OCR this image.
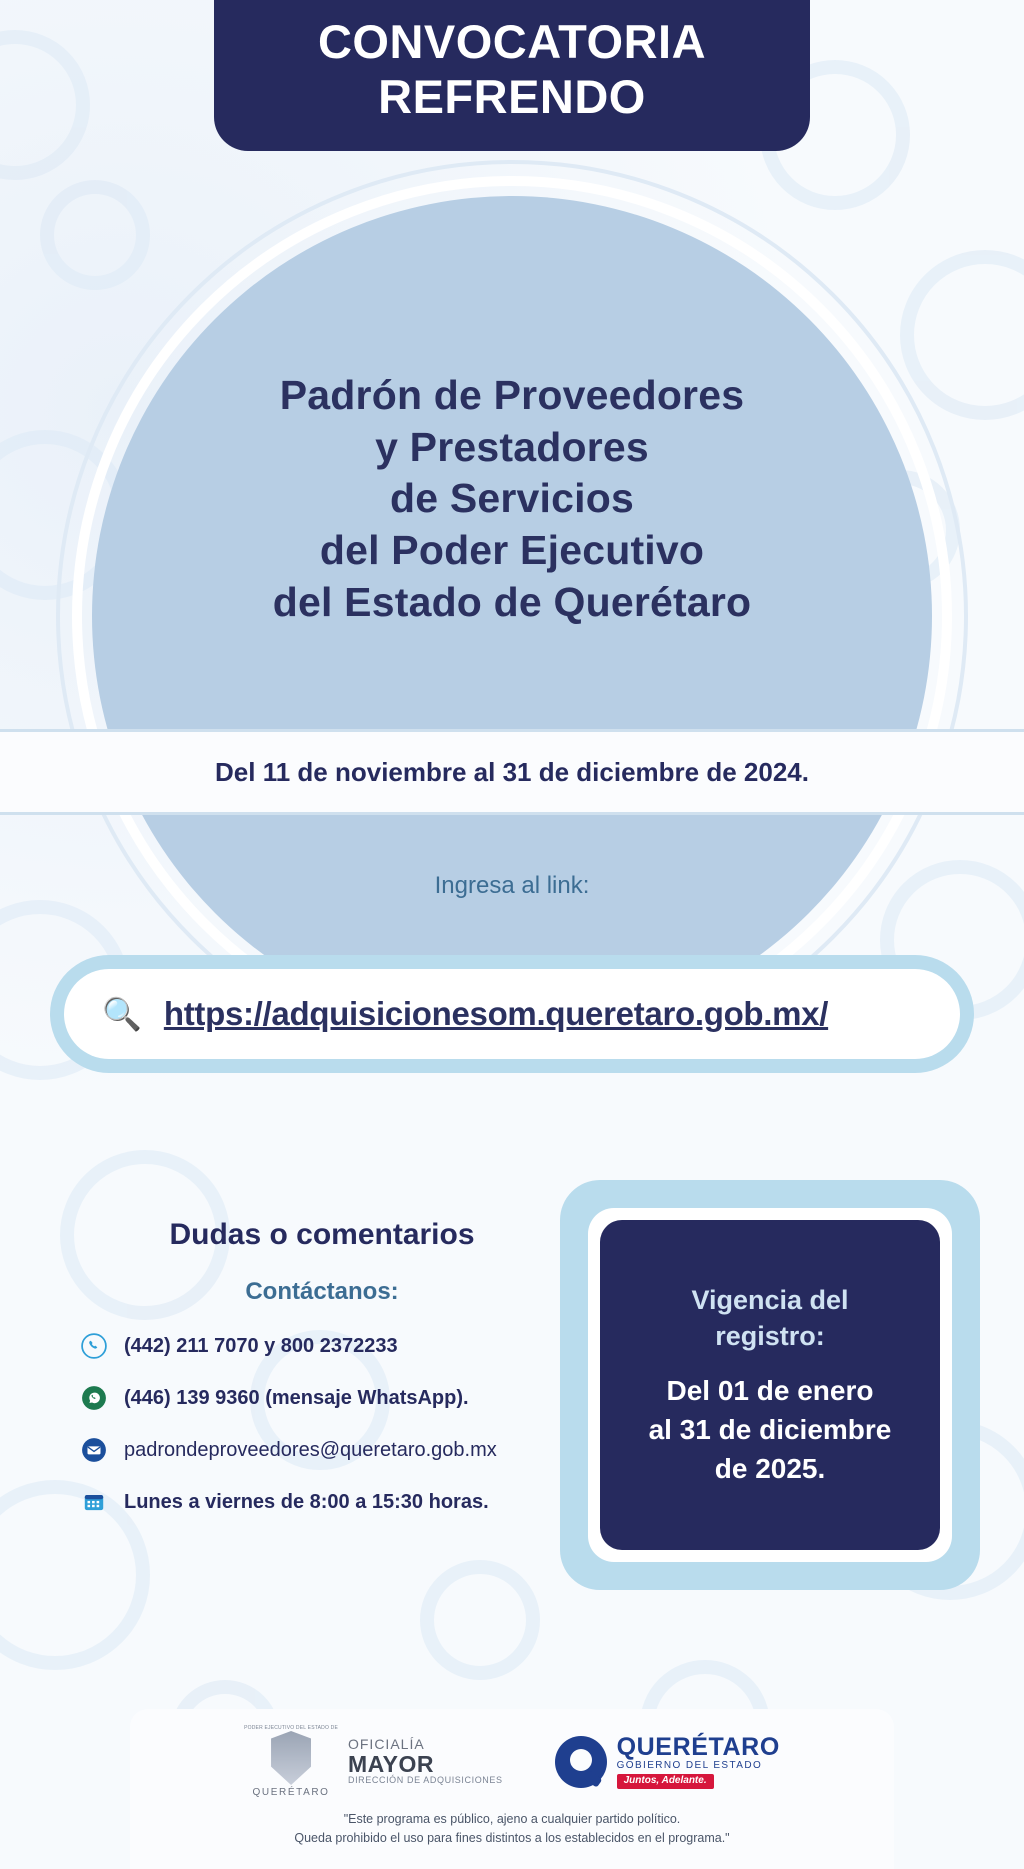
CONVOCATORIA
REFRENDO
Padrón de Proveedores
y Prestadores
de Servicios
del Poder Ejecutivo
del Estado de Querétaro
Del 11 de noviembre al 31 de diciembre de 2024.
Ingresa al link:
🔍 https://adquisicionesom.queretaro.gob.mx/
Dudas o comentarios
Contáctanos:
(442) 211 7070 y 800 2372233
(446) 139 9360 (mensaje WhatsApp).
padrondeproveedores@queretaro.gob.mx
Lunes a viernes de 8:00 a 15:30 horas.
Vigencia del
registro:
Del 01 de enero
al 31 de diciembre
de 2025.
PODER EJECUTIVO DEL ESTADO DE
QUERÉTARO
OFICIALÍA
MAYOR
DIRECCIÓN DE ADQUISICIONES
QUERÉTARO
GOBIERNO DEL ESTADO
Juntos, Adelante.
"Este programa es público, ajeno a cualquier partido político.
Queda prohibido el uso para fines distintos a los establecidos en el programa."
